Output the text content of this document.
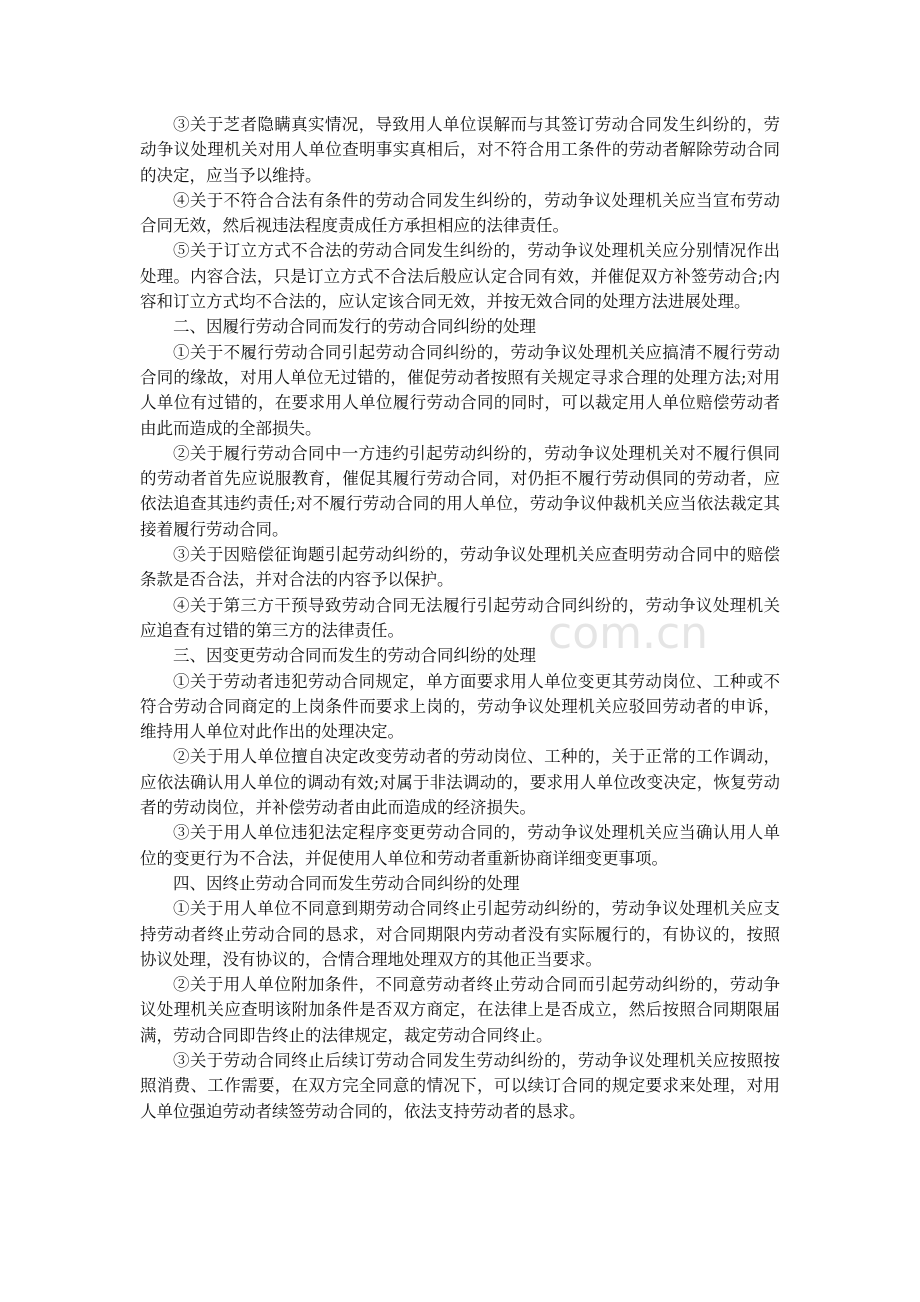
③关于芝者隐瞒真实情况，导致用人单位误解而与其签订劳动合同发生纠纷的，劳动争议处理机关对用人单位查明事实真相后，对不符合用工条件的劳动者解除劳动合同的决定，应当予以维持。

④关于不符合合法有条件的劳动合同发生纠纷的，劳动争议处理机关应当宣布劳动合同无效，然后视违法程度责成任方承担相应的法律责任。

⑤关于订立方式不合法的劳动合同发生纠纷的，劳动争议处理机关应分别情况作出处理。内容合法，只是订立方式不合法后般应认定合同有效，并催促双方补签劳动合;内容和订立方式均不合法的，应认定该合同无效，并按无效合同的处理方法进展处理。

二、因履行劳动合同而发行的劳动合同纠纷的处理

①关于不履行劳动合同引起劳动合同纠纷的，劳动争议处理机关应搞清不履行劳动合同的缘故，对用人单位无过错的，催促劳动者按照有关规定寻求合理的处理方法;对用人单位有过错的，在要求用人单位履行劳动合同的同时，可以裁定用人单位赔偿劳动者由此而造成的全部损失。

②关于履行劳动合同中一方违约引起劳动纠纷的，劳动争议处理机关对不履行倶同的劳动者首先应说服教育，催促其履行劳动合同，对仍拒不履行劳动倶同的劳动者，应依法追查其违约责任;对不履行劳动合同的用人单位，劳动争议仲裁机关应当依法裁定其接着履行劳动合同。

③关于因赔偿征询题引起劳动纠纷的，劳动争议处理机关应查明劳动合同中的赔偿条款是否合法，并对合法的内容予以保护。

④关于第三方干预导致劳动合同无法履行引起劳动合同纠纷的，劳动争议处理机关应追查有过错的第三方的法律责任。

三、因变更劳动合同而发生的劳动合同纠纷的处理

①关于劳动者违犯劳动合同规定，单方面要求用人单位变更其劳动岗位、工种或不符合劳动合同商定的上岗条件而要求上岗的，劳动争议处理机关应驳回劳动者的申诉，维持用人单位对此作出的处理决定。

②关于用人单位擅自决定改变劳动者的劳动岗位、工种的，关于正常的工作调动，应依法确认用人单位的调动有效;对属于非法调动的，要求用人单位改变决定，恢复劳动者的劳动岗位，并补偿劳动者由此而造成的经济损失。

③关于用人单位违犯法定程序变更劳动合同的，劳动争议处理机关应当确认用人单位的变更行为不合法，并促使用人单位和劳动者重新协商详细变更事项。

四、因终止劳动合同而发生劳动合同纠纷的处理

①关于用人单位不同意到期劳动合同终止引起劳动纠纷的，劳动争议处理机关应支持劳动者终止劳动合同的恳求，对合同期限内劳动者没有实际履行的，有协议的，按照协议处理，没有协议的，合情合理地处理双方的其他正当要求。

②关于用人单位附加条件，不同意劳动者终止劳动合同而引起劳动纠纷的，劳动争议处理机关应查明该附加条件是否双方商定，在法律上是否成立，然后按照合同期限届满，劳动合同即告终止的法律规定，裁定劳动合同终止。

③关于劳动合同终止后续订劳动合同发生劳动纠纷的，劳动争议处理机关应按照按照消费、工作需要，在双方完全同意的情况下，可以续订合同的规定要求来处理，对用人单位强迫劳动者续签劳动合同的，依法支持劳动者的恳求。

com.cn
